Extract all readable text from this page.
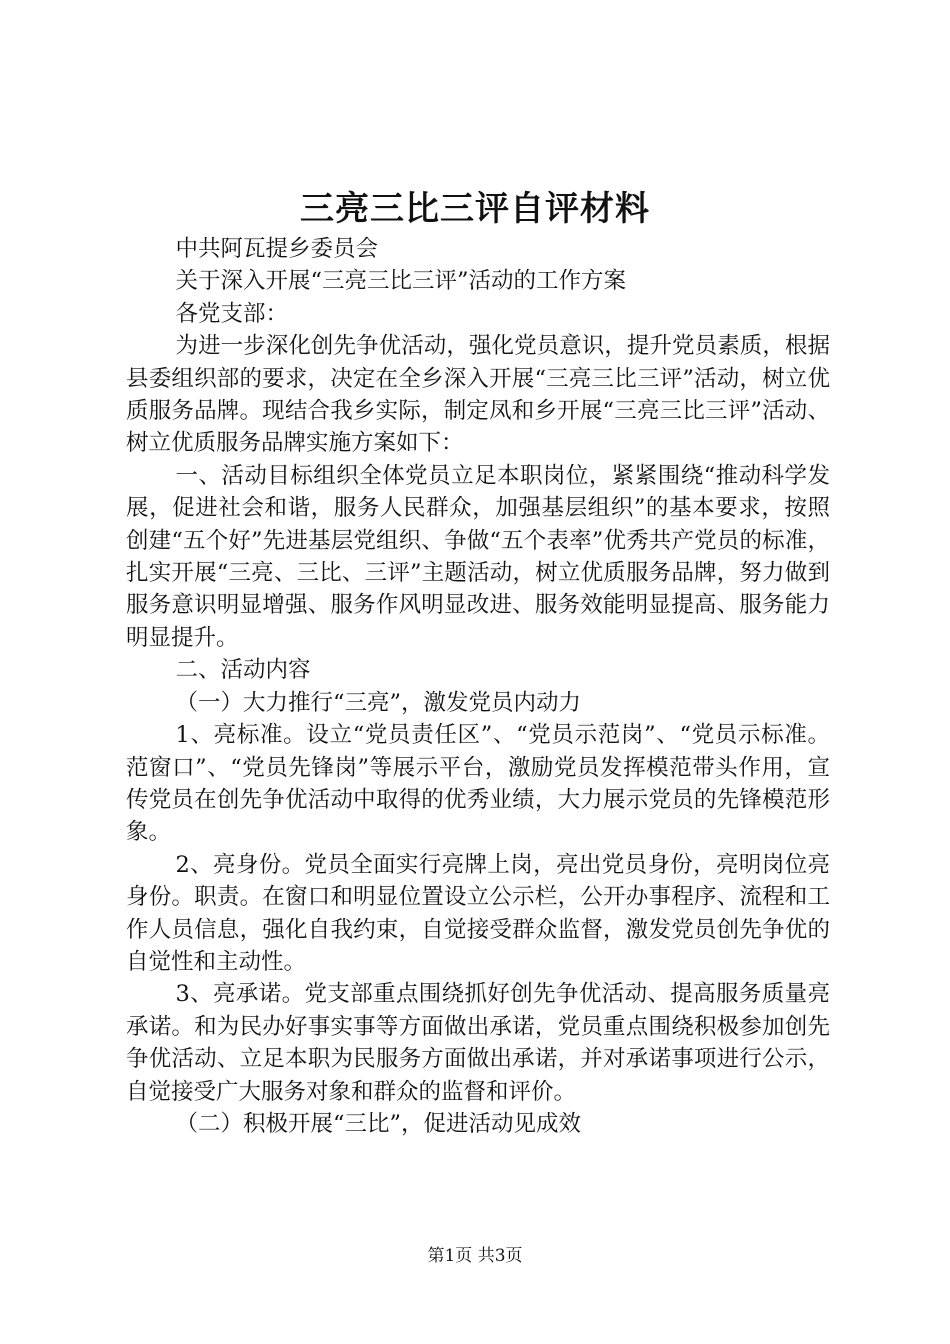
三亮三比三评自评材料

中共阿瓦提乡委员会

关于深入开展“三亮三比三评”活动的工作方案

各党支部：

为进一步深化创先争优活动，强化党员意识，提升党员素质，根据县委组织部的要求，决定在全乡深入开展“三亮三比三评”活动，树立优质服务品牌。现结合我乡实际，制定凤和乡开展“三亮三比三评”活动、树立优质服务品牌实施方案如下：

一、活动目标组织全体党员立足本职岗位，紧紧围绕“推动科学发展，促进社会和谐，服务人民群众，加强基层组织”的基本要求，按照创建“五个好”先进基层党组织、争做“五个表率”优秀共产党员的标准，扎实开展“三亮、三比、三评”主题活动，树立优质服务品牌，努力做到服务意识明显增强、服务作风明显改进、服务效能明显提高、服务能力明显提升。

二、活动内容

（一）大力推行“三亮”，激发党员内动力

1、亮标准。设立“党员责任区”、“党员示范岗”、“党员示标准。范窗口”、“党员先锋岗”等展示平台，激励党员发挥模范带头作用，宣传党员在创先争优活动中取得的优秀业绩，大力展示党员的先锋模范形象。

2、亮身份。党员全面实行亮牌上岗，亮出党员身份，亮明岗位亮身份。职责。在窗口和明显位置设立公示栏，公开办事程序、流程和工作人员信息，强化自我约束，自觉接受群众监督，激发党员创先争优的自觉性和主动性。

3、亮承诺。党支部重点围绕抓好创先争优活动、提高服务质量亮承诺。和为民办好事实事等方面做出承诺，党员重点围绕积极参加创先争优活动、立足本职为民服务方面做出承诺，并对承诺事项进行公示，自觉接受广大服务对象和群众的监督和评价。

（二）积极开展“三比”，促进活动见成效

第1页 共3页
